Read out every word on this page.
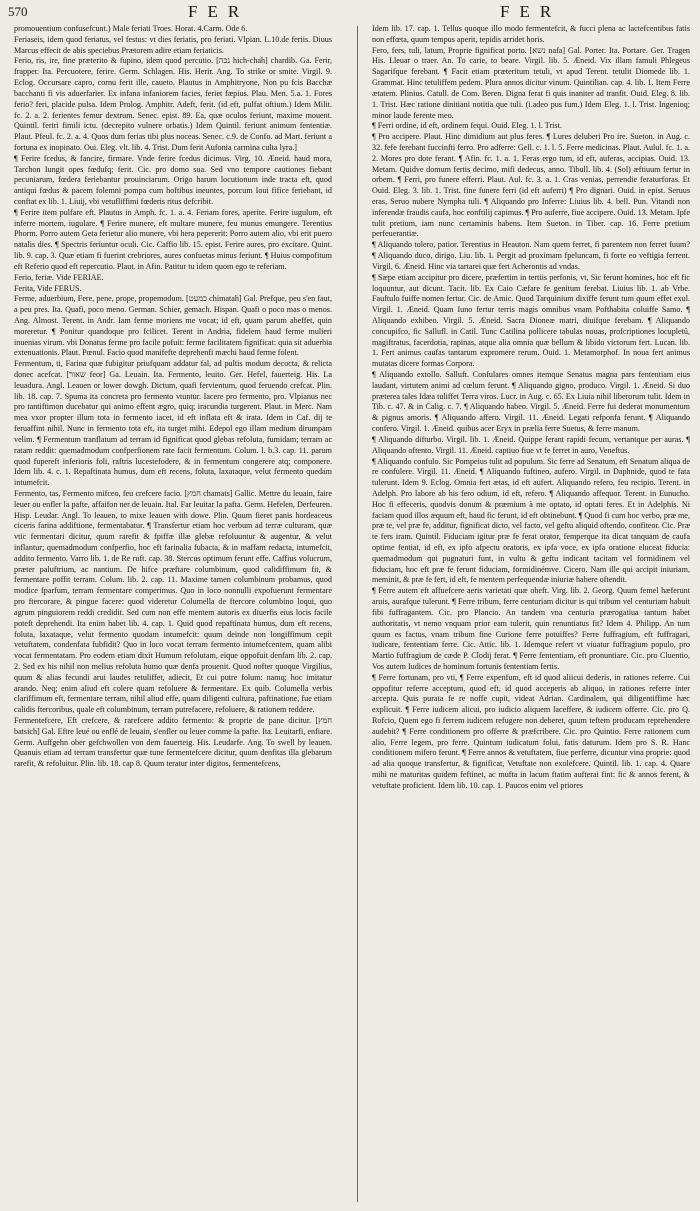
570	FER	FER

promouentium confusefcunt.) Male feriati Troes. Horat. 4.Carm. Ode 6.

Feriaseis, idem quod feriatus, vel festus: vt dies feriatis, pro feriati. Vlpian. L.10.de feriis. Diuus Marcus effecit de abis speciebus Prætorem adire etiam feriaticis.

Ferio, ris, ire, fine præterito & fupino, idem quod percutio. [נכה hich-chah] chardib. Ga. Ferir, frapper. Ita. Percuotere, ferire. Germ. Schlagen. His. Herir. Ang. To strike or smite. Virgil. 9. Eclog. Occursare capro, cornu ferit ille, caueto. Plautus in Amphitryone, Non pu fcis Bacchæ bacchanti fi vis aduerfarier. Ex infana infaniorem facies, feriet fæpius. Plau. Men. 5.a. 1. Fores ferio? feri, placide pulsa. Idem Prolog. Amphitr. Adeft, ferit. (id eft, pulfat oftium.) Idem Milit. fc. 2. a. 2. ferientes femur dextrum. Senec. epist. 89. Ea, quæ oculos feriunt, maxime mouent. Quintil. feriri fimili ictu. (decrepito vulnere orbatis.) Idem Quintil. feriunt animum fententiæ. Plaut. Pfeul. fc. 2. a. 4. Quos dum ferias tibi plus noceas. Senec. c.9. de Confo. ad Mart. feriunt a fortuna ex inopinato. Oui. Eleg. vlt. lib. 4. Trist. Dum ferit Aufonia carmina culta lyra.]

¶ Ferire fcedus, & fancire, firmare. Vnde ferire fcedus dicimus. Virg. 10. Æneid. haud mora, Tarchon Iungit opes fœdufq; ferit. Cic. pro domo sua. Sed vno tempore cautiones fiebant pecuniarum, fœdera feriebantur prouinciarum. Origo harum locutionum inde tracta eft, quod antiqui fœdus & pacem folemni pompa cum hoftibus ineuntes, porcum Ioui fifice feriebant, id conftat ex lib. 1. Liuij, vbi vetufliffimi fœderis ritus defcribit.

¶ Ferire item pulfare eft. Plautus in Amph. fc. 1. a. 4. Feriam fores, aperite. Ferire iugulum, eft inferre mortem, iugulare. ¶ Ferire munere, eft multare munere, feu munus emungere. Terentius Phorm. Porro autem Geta ferietur alio munere, vbi hera pepererit: Porro autem alio, vbi erit puero natalis dies. ¶ Spectris feriuntur oculi. Cic. Caffio lib. 15. epist. Ferire aures, pro excitare. Quint. lib. 9. cap. 3. Quæ etiam fi fuerint crebriores, aures confuetas minus feriunt. ¶ Huius compofitum eft Referio quod eft repercutio. Plaut. in Afin. Patitur tu idem quom ego te referiam.

Ferio, feriæ. Vide FERIAE.

Ferita, Vide FERUS.

Ferme, aduerbium, Fere, pene, prope, propemodum. [כמעט chimatah] Gal. Prefque, peu s'en faut, a peu pres. Ita. Quafi, poco meno. German. Schier, gemach. Hispan. Quafi o poco mas o menos. Ang. Almost. Terent. in Andr. Iam ferme moriens me vocat; id eft, quam parum abeffet, quin moreretur. ¶ Ponitur quandoque pro fcilicet. Terent in Andria, fidelem haud ferme mulieri inuenias virum. vbi Donatus ferme pro facile pofuit: ferme facilitatem fignificat: quia sit aduerbia extenuationis. Plaut. Pœnul. Facio quod manifefte deprehenfi mæchi haud ferme folent.

Fermentum, ti, Farina quæ fubigitur priufquam addatur fal, ad pultis modum decocta, & relicta donec acefcat. [שאור feor] Ga. Leuain. Ita. Fermento, leuito. Ger. Hefel, fauerteig. His. La leuadura. Angl. Leauen or lower dowgh. Dictum, quafi fervientum, quod feruendo crefcat. Plin. lib. 18. cap. 7. Spuma ita concreta pro fermento vtuntur. Iacere pro fermento, pro. Vlpianus nec pro tantiftimon ducebatur qui animo effent ægro, quiq; iracundia turgerent. Plaut. in Merc. Nam mea vxor propter illum tota in fermento iacet, id eft inflata eft & irata. Idem in Caf. dij te feruaffint nihil. Nunc in fermento tota eft, ita turget mihi. Edepol ego illam medium dirumpam velim. ¶ Fermentum tranflatum ad terram id fignificat quod glebas refoluta, fumidam; terram ac ratam reddit: quemadmodum confperfionem rate facit fermentum. Colum. l. b.3. cap. 11. parum quod fupereft inferioris foli, raftris lucestefodere, & in fermentum congerere atq; componere. Idem lib. 4. c. 1. Repaftinata humus, dum eft recens, foluta, laxataque, velut fermento quedam intumefcit.

Fermento, tas, Fermento mifceo, feu crefcere facio. [חמץ chamats] Gallic. Mettre du leuain, faire leuer ou enfler la pafte, affaifon ner de leuain. Ital. Far leuitar la pafta. Germ. Hefelen, Derfeuren. Hisp. Leudar. Angl. To leauen, to mixe leauen with dowe. Plin. Quum fieret panis hordeaceus ciceris farina addiftione, fermentabatur. ¶ Transfertur etiam hoc verbum ad terræ culturam, quæ vtic fermentari dicitur, quum rarefit & fpiffæ illæ glebæ refoluuntur & augentur, & velut inflantur; quemadmodum confperfio, hoc eft farinalia fubacta, & in maffam redacta, intumefcit, addito fermento. Varro lib. 1. de Re ruft. cap. 38. Stercus optimum ferunt effe. Caffius volucrum, præter paluftrium, ac nantium. De hifce præftare columbinum, quod calidiffimum fit, & fermentare poffit terram. Colum. lib. 2. cap. 11. Maxime tamen columbinum probamus, quod modice fparfum, terram fermentare comperimus. Quo in loco nonnulli expofuerunt fermentare pro ftercorare, & pingue facere: quod videretur Columella de ftercore columbino loqui, quo agrum pinguiorem reddi credidit. Sed cum non effe mentem autoris ex diuerfis eius locis facile poteft deprehendi. Ita enim habet lib. 4. cap. 1. Quid quod repaftinata humus, dum eft recens, foluta, laxataque, velut fermento quodam intumefcit: quum deinde non longiffimum cepit vetuftatem, condenfata fubfidit? Quo in loco vocat terram fermento intumefcentem, quam alibi vocat fermentatam. Pro eodem etiam dixit Humum refolutam, eique oppofuit denfam lib. 2. cap. 2. Sed ex his nihil non melius refoluta humo quæ denfa prouenit. Quod nofter quoque Virgilius, quum & alias fecundi arui laudes retuliffet, adiecit, Et cui putre folum: namq; hoc imitatur arando. Neq; enim aliud eft colere quam refoluere & fermentare. Ex quib. Columella verbis clariffimum eft, fermentare terram, nihil aliud effe, quam diligenti cultura, paftinatione, fue etiam calidis ftercoribus, quale eft columbinum, terram putrefacere, refoluere, & rationem reddere.

Fermentefcere, Eft crefcere, & rarefcere addito fermento: & proprie de pane dicitur. [חמץ batsich] Gal. Eftre leué ou enflé de leuain, s'enfler ou leuer comme la pafte. Ita. Leuitarfi, enfiare. Germ. Auffgehn ober gefchwollen von dem fauerteig. His. Leudarfe. Ang. To swell by leauen. Quanuis etiam ad terram transfertur quæ tune fermentefcere dicitur, quum denfitas illa glebarum rarefit, & refoluitur. Plin. lib. 18. cap 8. Quum teratur inter digitos, fermentefcens,

Idem lib. 17. cap. 1. Tellus quoque illo modo fermentefcit, & fucci plena ac lactefcentibus fatis non effœta, quum tempus aperit, tepidis arridet horis.

Fero, fers, tuli, latum, Proprie fignificat porto. [נשא nafa] Gal. Porter. Ita. Portare. Ger. Tragen His. Lleuar o traer. An. To carie, to beare. Virgil. lib. 5. Æneid. Vix illam famuli Phlegeus Sagarifque ferebant. ¶ Facit etiam præteritum tetuli, vt apud Terent. tetulit Diomede lib. 1. Grammat. Hinc tetuliffem pedem. Plura annos dicitur vinum. Quintilian. cap. 4. lib. 1. Item Ferre ætatem. Plinius. Catull. de Com. Beren. Digna ferat fi quis inaniter ad tranfit. Ouid. Eleg. 8. lib. 1. Trist. Hæc ratione dinitiani notitia que tuli. (i.adeo pus fum.) Idem Eleg. 1. l. Trist. Ingenioq; minor laude ferente meo.

¶ Ferri ordine, id eft, ordinem fequi. Ouid. Eleg. 1. l. Trist.

¶ Pro accipere. Plaut. Hinc dimidium aut plus feres. ¶ Lures deluberi Pro ire. Sueton. in Aug. c. 32. fefe ferebant fuccinfti ferro. Pro adferre: Gell. c. 1. l. 5. Ferre medicinas. Plaut. Aulul. fc. 1. a. 2. Mores pro dote ferant. ¶ Afin. fc. 1. a. 1. Feras ergo tum, id eft, auferas, accipias. Ouid. 13. Metam. Quidve domum fertis decimo, mifi dedecus, anno. Tibull. lib. 4. (Sol) æftiuum fertur in orbem. ¶ Ferri, pro funere efferri. Plaut. Aul. fc. 3. a. 1. Cras venias, perrendie feraturforas. Et Ouid. Eleg. 3. lib. 1. Trist. fine funere ferri (id eft auferri) ¶ Pro dignari. Ouid. in epist. Seruus eras, Seruo nubere Nympha tuli. ¶ Aliquando pro Inferre: Liuius lib. 4. bell. Pun. Vitandi non inferendæ fraudis caufa, hoc eonftilij capimus. ¶ Pro auferre, fiue accipere. Ouid. 13. Metam. Ipfe tulit pretium, iam nunc certaminis habens. Item Sueton. in Tiber. cap. 16. Ferre pretium perfeuerantiæ.

¶ Aliquando tolero, patior. Terentius in Heauton. Nam quem ferret, fi parentem non ferret fuum? ¶ Aliquando duco, dirigo. Liu. lib. 1. Pergit ad proximam fpeluncam, fi forte eo veftigia ferrent. Virgil. 6. Æneid. Hinc via tartarei quæ fert Acherontis ad vndas.

¶ Sæpe etiam accipitur pro dicere, præfertim in tertiis perfonis, vt, Sic ferunt homines, hoc eft fic loquuntur, aut dicunt. Tacit. lib. Ex Caio Cæfare fe genitum ferebat. Liuius lib. 1. ab Vrbe. Fauftulo fuiffe nomen fertur. Cic. de Amic. Quod Tarquinium dixiffe ferunt tum quum effet exul. Virgil. 1. Æneid. Quam Iuno fertur terris magis omnibus vnam Pofthabita coluiffe Samo. ¶ Aliquando exhibeo. Virgil. 5. Æneid. Sacra Dioneæ matri, diuifque ferebam. ¶ Aliquando concupifco, fic Sallufl. in Catil. Tunc Catilina pollicere tabulas nouas, profcriptiones locupletû, magiftratus, facerdotia, rapinas, atque alia omnia quæ bellum & libido victorum fert. Lucan. lib. 1. Fert animus caufas tantarum expromere rerum. Ouid. 1. Metamorphof. In noua fert animus mutatas dicere formas Corpora.

¶ Aliquando extollo. Salluft. Confulares omnes itemque Senatus magna pars fententiam eius laudant, virtutem animi ad cœlum ferunt. ¶ Aliquando gigno, produco. Virgil. 1. Æneid. Si duo præterea tales Idæa tuliffet Terra viros. Lucr. in Aug. c. 65. Ex Liuia nihil liberorum tulit. Idem in Tib. c. 47. & in Calig. c. 7. ¶ Aliquando habeo. Virgil. 5. Æneid. Ferre fui dederat monumentum & pignus amoris. ¶ Aliquando affero. Virgil. 11. Æneid. Legati refponfa ferunt. ¶ Aliquando confero. Virgil. 1. Æneid. quibus acer Eryx in prælia ferre Suetus, & ferre manum.

¶ Aliquando difturbo. Virgil. lib. 1. Æneid. Quippe ferant rapidi fecum, vertantque per auras. ¶ Aliquando oftento. Virgil. 11. Æneid. captiuo fiue vt fe ferret in auro, Veneftus.

¶ Aliquando confulo. Sic Pompeius tulit ad populum. Sic ferre ad Senatum, eft Senatum aliqua de re confulere. Virgil. 11. Æneid. ¶ Aliquando fuftineo, aufero. Virgil. in Daphnide, quod te fata tulerunt. Idem 9. Eclog. Omnia fert ætas, id eft aufert. Aliquando refero, feu recipio. Terent. in Adelph. Pro labore ab his fero odium, id eft, refero. ¶ Aliquando affequor. Terent. in Eunucho. Hoc fi effeceris, quodvis donum & præmium à me optato, id optati feres. Et in Adelphis. Ni faciam quod illos æquum eft, haud fic ferunt, id eft obtinebunt. ¶ Quod fi cum hoc verbo, præ me, præ te, vel præ fe, additur, fignificat dicto, vel facto, vel geftu aliquid oftendo, confiteor. Cic. Præ te fers iram. Quintil. Fiduciam igitur præ fe ferat orator, femperque ita dicat tanquam de caufa optime fentiat, id eft, ex ipfo afpectu oratoris, ex ipfa voce, ex ipfa oratione eluceat fiducia: quemadmodum qui pugnaturi funt, in vultu & geftu indicant tacitam vel formidinem vel fiduciam, hoc eft præ fe ferunt fiduciam, formidinémve. Cicero. Nam ille qui accipit iniuriam, meminit, & præ fe fert, id eft, fe mentem perfequendæ iniuriæ habere oftendit.

¶ Ferre autem eft affuefcere aeris varietati quæ obeft. Virg. lib. 2. Georg. Quum femel hæferunt aruis, aurafque tulerunt. ¶ Ferre tribum, ferre centuriam dicitur is qui tribum vel centuriam habuit fibi fuffragantem. Cic. pro Plancio. An tandem vna centuria prærogatiua tantum habet authoritatis, vt nemo vnquam prior eam tulerit, quin renuntiatus fit? Idem 4. Philipp. An tum quum es factus, vnam tribum fine Curione ferre potuiffes? Ferre fuffragium, eft fuffragari, iudicare, fententiam ferre. Cic. Attic. lib. 1. Idemque refert vt viuatur fuffragium populo, pro Martio fuffragium de cæde P. Clodij ferat. ¶ Ferre fententiam, eft pronuntiare. Cic. pro Cluentio, Vos autem Iudices de hominum fortunis fententiam fertis.

¶ Ferre fortunam, pro vti, ¶ Ferre expenfum, eft id quod aliicui dederis, in rationes referre. Cui oppofitur referre acceptum, quod eft, id quod acceperis ab aliquo, in rationes referre inter accepta. Quis purata fe re noffe cupit, videat Adrian. Cardinalem, qui diligentiffime hæc explicuit. ¶ Ferre iudicem alicui, pro iudicio aliquem laceffere, & iudicem offerre. Cic. pro Q. Rofcio, Quem ego fi ferrem iudicem refugere non deberet, quum teftem producam reprehendere audebit? ¶ Ferre conditionem pro offerre & præfcribere. Cic. pro Quintio. Ferre rationem cum alio, Ferre legem, pro ferre. Quintum iudicatum folui, fatis daturum. Idem pro S. R. Hanc conditionem mifero ferunt. ¶ Ferre annos & vetuftatem, fiue perferre, dicuntur vina proprie: quod ad alia quoque transfertur, & fignificat, Vetuftate non exolefcere. Quintil. lib. 1. cap. 4. Quare mihi ne maturitas quidem feftinet, ac mufta in lacum ftatim aufterai fint: fic & annos ferent, & vetuftate proficient. Idem lib. 10. cap. 1. Paucos enim vel priores
